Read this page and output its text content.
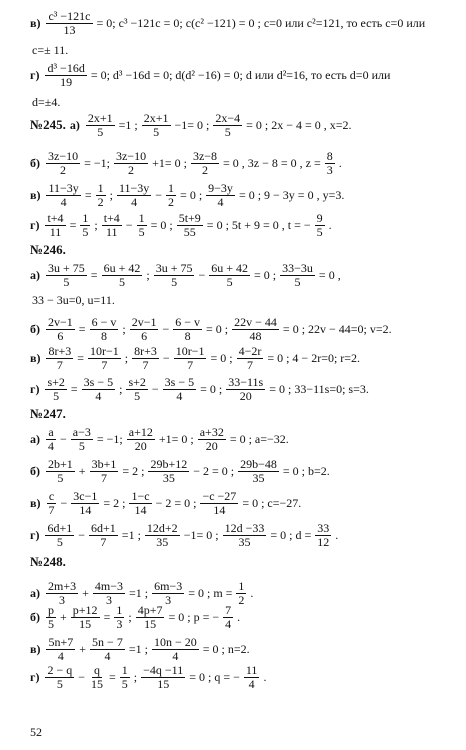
$в) \frac{\text{c³ −121c}}{13} = 0$; c³ −121c = 0; c(c² −121) = 0 ; c=0 или c²=121, то есть c=0 или
c=± 11.
$г) \frac{\text{d³ −16d}}{19} = 0$; d³ −16d = 0; d(d² −16) = 0; d или d²=16, то есть d=0 или
d=±4.
№245. $а) \frac{2x+1}{5} =1$ ; $\frac{2x+1}{5} -1= 0$ ; $\frac{2x-4}{5} = 0$ ; 2x − 4 = 0 , x=2.
$б) \frac{3z-10}{2} = -1$; $\frac{3z-10}{2} +1= 0$ ; $\frac{3z-8}{2} = 0$ , 3z − 8 = 0 , $z = \frac{8}{3}$ .
$в) \frac{11-3y}{4} = \frac{1}{2}$ ; $\frac{11-3y}{4} - \frac{1}{2} = 0$ ; $\frac{9-3y}{4} = 0$ ; 9 − 3y = 0 , y=3.
$г) \frac{t+4}{11} = \frac{1}{5}$ ; $\frac{t+4}{11} - \frac{1}{5} = 0$ ; $\frac{5t+9}{55} = 0$ ; 5t + 9 = 0 , t = − $\frac{9}{5}$ .
№246.
$а) \frac{3u + 75}{5} = \frac{6u + 42}{5}$ ; $\frac{3u + 75}{5} - \frac{6u + 42}{5} = 0$ ; $\frac{33-3u}{5} = 0$ ,
33 − 3u=0, u=11.
$б) \frac{2v-1}{6} = \frac{6 - v}{8}$ ; $\frac{2v-1}{6} - \frac{6 - v}{8} = 0$ ; $\frac{22v - 44}{48} = 0$ ; 22v − 44=0; v=2.
$в) \frac{8r+3}{7} = \frac{10r-1}{7}$ ; $\frac{8r+3}{7} - \frac{10r-1}{7} = 0$ ; $\frac{4-2r}{7} = 0$ ; 4 − 2r=0; r=2.
$г) \frac{s+2}{5} = \frac{3s - 5}{4}$ ; $\frac{s+2}{5} - \frac{3s - 5}{4} = 0$ ; $\frac{33-11s}{20} = 0$ ; 33−11s=0; s=3.
№247.
$а) \frac{a}{4} - \frac{a-3}{5} = -1$; $\frac{a+12}{20} +1= 0$ ; $\frac{a+32}{20} = 0$ ; a=−32.
$б) \frac{2b+1}{5} + \frac{3b+1}{7} = 2$ ; $\frac{29b+12}{35} - 2 = 0$ ; $\frac{29b-48}{35} = 0$ ; b=2.
$в) \frac{c}{7} - \frac{3c-1}{14} = 2$ ; $\frac{1-c}{14} - 2 = 0$ ; $\frac{-c -27}{14} = 0$ ; c=−27.
$г) \frac{6d+1}{5} - \frac{6d+1}{7} =1$ ; $\frac{12d+2}{35} -1= 0$ ; $\frac{12d -33}{35} = 0$ ; $d = \frac{33}{12}$ .
№248.
$а) \frac{2m+3}{3} + \frac{4m-3}{3} =1$ ; $\frac{6m-3}{3} = 0$ ; $m = \frac{1}{2}$ .
$б) \frac{p}{5} + \frac{p+12}{15} = \frac{1}{3}$ ; $\frac{4p+7}{15} = 0$ ; p = − $\frac{7}{4}$ .
$в) \frac{5n+7}{4} + \frac{5n - 7}{4} =1$ ; $\frac{10n - 20}{4} = 0$ ; n=2.
$г) \frac{2 - q}{5} - \frac{q}{15} = \frac{1}{5}$ ; $\frac{-4q -11}{15} = 0$ ; q = − $\frac{11}{4}$ .
52
